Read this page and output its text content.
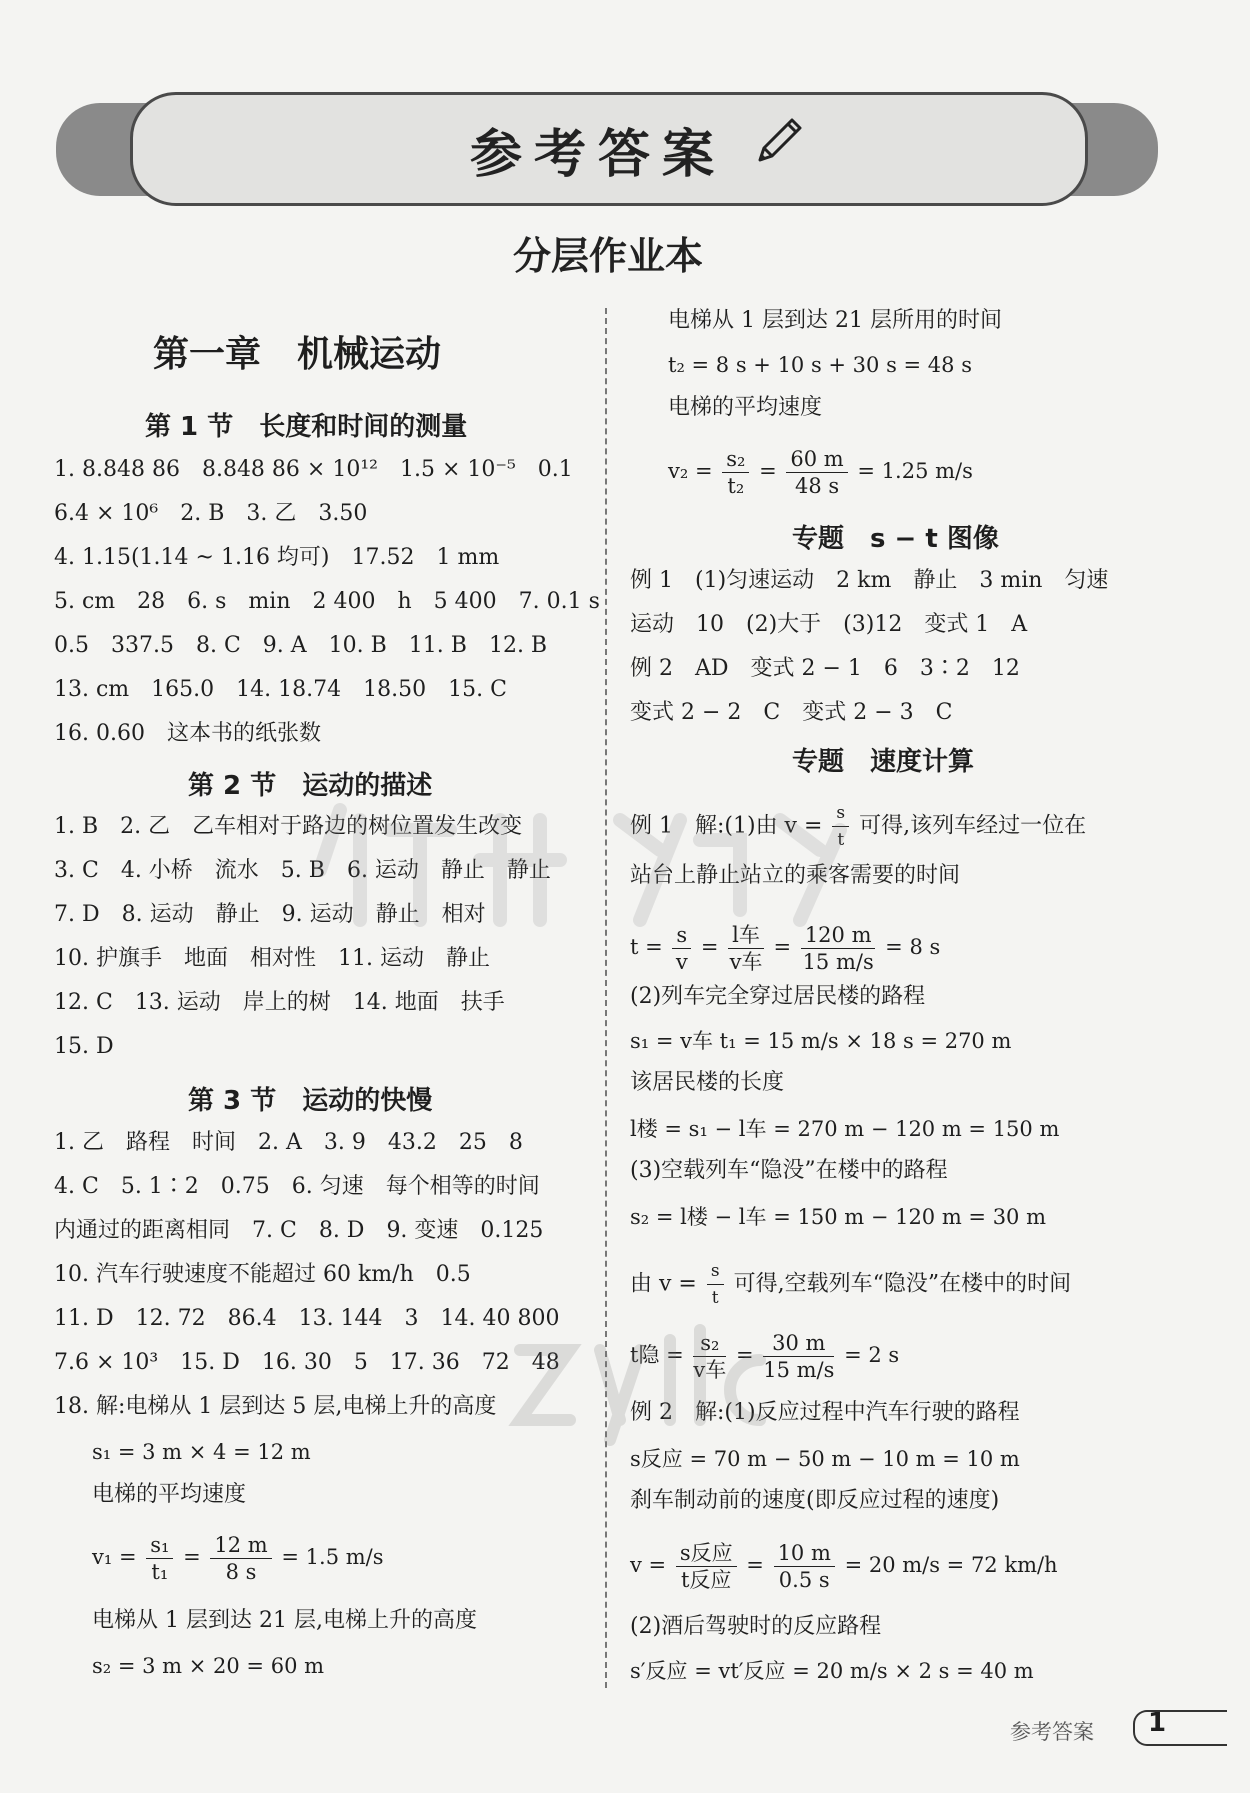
参考答案
分层作业本
第一章　机械运动
第 1 节　长度和时间的测量
1. 8.848 86　8.848 86 × 10¹²　1.5 × 10⁻⁵　0.1
6.4 × 10⁶　2. B　3. 乙　3.50
4. 1.15(1.14 ~ 1.16 均可)　17.52　1 mm
5. cm　28　6. s　min　2 400　h　5 400　7. 0.1 s
0.5　337.5　8. C　9. A　10. B　11. B　12. B
13. cm　165.0　14. 18.74　18.50　15. C
16. 0.60　这本书的纸张数
第 2 节　运动的描述
1. B　2. 乙　乙车相对于路边的树位置发生改变
3. C　4. 小桥　流水　5. B　6. 运动　静止　静止
7. D　8. 运动　静止　9. 运动　静止　相对
10. 护旗手　地面　相对性　11. 运动　静止
12. C　13. 运动　岸上的树　14. 地面　扶手
15. D
第 3 节　运动的快慢
1. 乙　路程　时间　2. A　3. 9　43.2　25　8
4. C　5. 1∶2　0.75　6. 匀速　每个相等的时间
内通过的距离相同　7. C　8. D　9. 变速　0.125
10. 汽车行驶速度不能超过 60 km/h　0.5
11. D　12. 72　86.4　13. 144　3　14. 40 800
7.6 × 10³　15. D　16. 30　5　17. 36　72　48
18. 解:电梯从 1 层到达 5 层,电梯上升的高度
s₁ = 3 m × 4 = 12 m
电梯的平均速度
$v_1 = \frac{\text{s₁}}{\text{t₁}} = \frac{12 m}{8 s} = 1.5$ m/s
电梯从 1 层到达 21 层,电梯上升的高度
s₂ = 3 m × 20 = 60 m
电梯从 1 层到达 21 层所用的时间
t₂ = 8 s + 10 s + 30 s = 48 s
电梯的平均速度
$v_2 = \frac{\text{s₂}}{\text{t₂}} = \frac{60 m}{48 s} = 1.25$ m/s
专题　s − t 图像
例 1　(1)匀速运动　2 km　静止　3 min　匀速
运动　10　(2)大于　(3)12　变式 1　A
例 2　AD　变式 2 − 1　6　3∶2　12
变式 2 − 2　C　变式 2 − 3　C
专题　速度计算
例 1　解:(1)由 $v = \frac{s}{t}$ 可得,该列车经过一位在
站台上静止站立的乘客需要的时间
$t = \frac{s}{v} = \frac{\text{l车}}{\text{v车}} = \frac{120 m}{15 m/s} = 8$ s
(2)列车完全穿过居民楼的路程
s₁ = v车 t₁ = 15 m/s × 18 s = 270 m
该居民楼的长度
l楼 = s₁ − l车 = 270 m − 120 m = 150 m
(3)空载列车“隐没”在楼中的路程
s₂ = l楼 − l车 = 150 m − 120 m = 30 m
由 $v = \frac{s}{t}$ 可得,空载列车“隐没”在楼中的时间
t隐 = $\frac{\text{s₂}}{\text{v车}} = \frac{30 m}{15 m/s} = 2$ s
例 2　解:(1)反应过程中汽车行驶的路程
s反应 = 70 m − 50 m − 10 m = 10 m
刹车制动前的速度(即反应过程的速度)
$v = \frac{\text{s反应}}{\text{t反应}} = \frac{10 m}{0.5 s} = 20$ m/s = 72 km/h
(2)酒后驾驶时的反应路程
s′反应 = vt′反应 = 20 m/s × 2 s = 40 m
参考答案 1
